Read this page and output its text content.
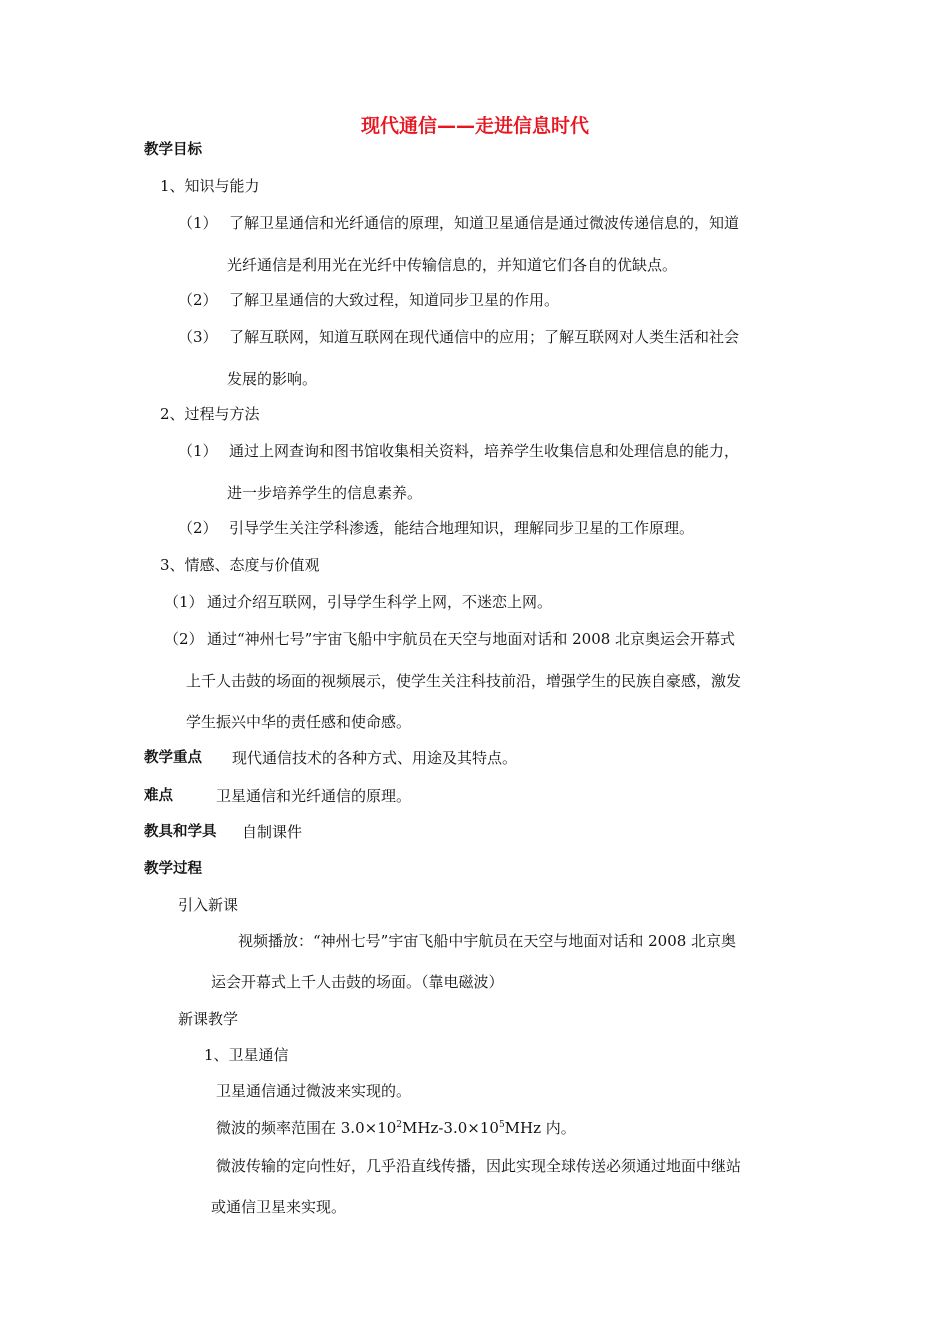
现代通信——走进信息时代
教学目标
1、知识与能力
（1） 了解卫星通信和光纤通信的原理，知道卫星通信是通过微波传递信息的，知道
光纤通信是利用光在光纤中传输信息的，并知道它们各自的优缺点。
（2） 了解卫星通信的大致过程，知道同步卫星的作用。
（3） 了解互联网，知道互联网在现代通信中的应用；了解互联网对人类生活和社会
发展的影响。
2、过程与方法
（1） 通过上网查询和图书馆收集相关资料，培养学生收集信息和处理信息的能力，
进一步培养学生的信息素养。
（2） 引导学生关注学科渗透，能结合地理知识，理解同步卫星的工作原理。
3、情感、态度与价值观
（1） 通过介绍互联网，引导学生科学上网，不迷恋上网。
（2） 通过“神州七号”宇宙飞船中宇航员在天空与地面对话和 2008 北京奥运会开幕式
上千人击鼓的场面的视频展示，使学生关注科技前沿，增强学生的民族自豪感，激发
学生振兴中华的责任感和使命感。
教学重点 现代通信技术的各种方式、用途及其特点。
难点	卫星通信和光纤通信的原理。
教具和学具 自制课件
教学过程
引入新课
视频播放：“神州七号”宇宙飞船中宇航员在天空与地面对话和 2008 北京奥
运会开幕式上千人击鼓的场面。（靠电磁波）
新课教学
1、卫星通信
卫星通信通过微波来实现的。
微波的频率范围在 $3.0\times 10^2MHz-3.0\times 10^5MHz$ 内。
微波传输的定向性好，几乎沿直线传播，因此实现全球传送必须通过地面中继站
或通信卫星来实现。
